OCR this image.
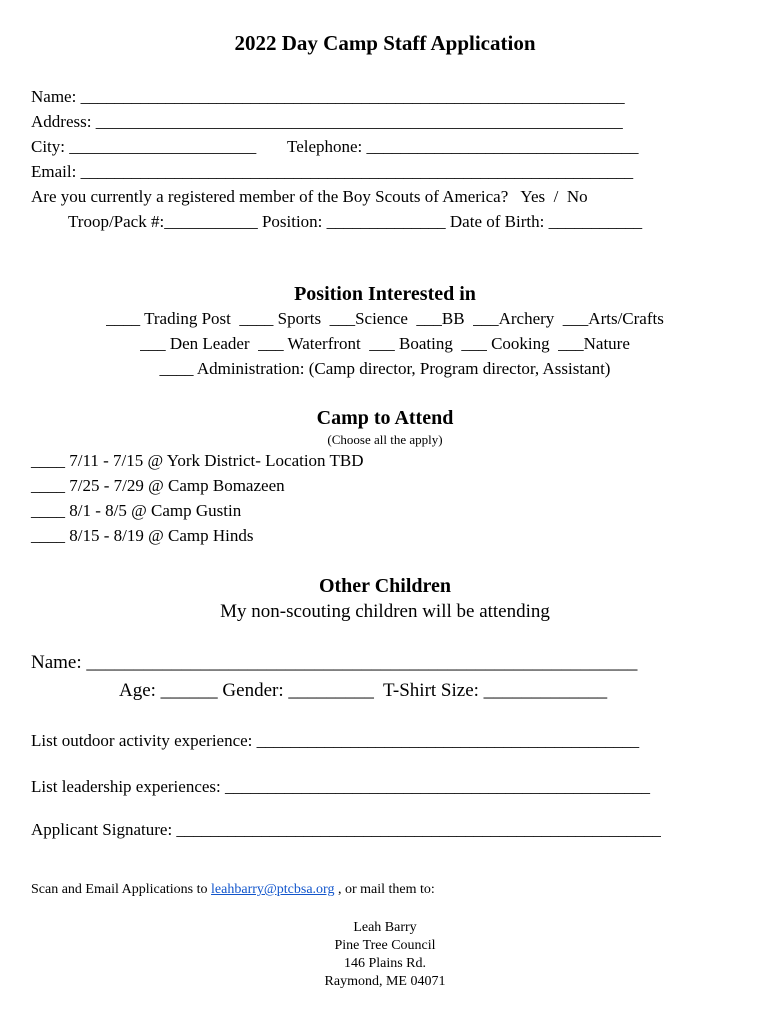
2022 Day Camp Staff Application
Name: ________________________________________________________________
Address: ______________________________________________________________
City: ______________________ Telephone: ________________________________
Email: _________________________________________________________________
Are you currently a registered member of the Boy Scouts of America?   Yes  /  No
Troop/Pack #:___________ Position: ______________ Date of Birth: ___________
Position Interested in
____ Trading Post  ____ Sports  ___Science  ___BB  ___Archery  ___Arts/Crafts
___ Den Leader  ___ Waterfront  ___ Boating  ___ Cooking  ___Nature
____ Administration: (Camp director, Program director, Assistant)
Camp to Attend
(Choose all the apply)
____ 7/11 - 7/15 @ York District- Location TBD
____ 7/25 - 7/29 @ Camp Bomazeen
____ 8/1 - 8/5 @ Camp Gustin
____ 8/15 - 8/19 @ Camp Hinds
Other Children
My non-scouting children will be attending
Name: __________________________________________________________
Age: ______ Gender: _________  T-Shirt Size: _____________
List outdoor activity experience: _____________________________________________
List leadership experiences: __________________________________________________
Applicant Signature: _________________________________________________________
Scan and Email Applications to leahbarry@ptcbsa.org , or mail them to:
Leah Barry
Pine Tree Council
146 Plains Rd.
Raymond, ME 04071
